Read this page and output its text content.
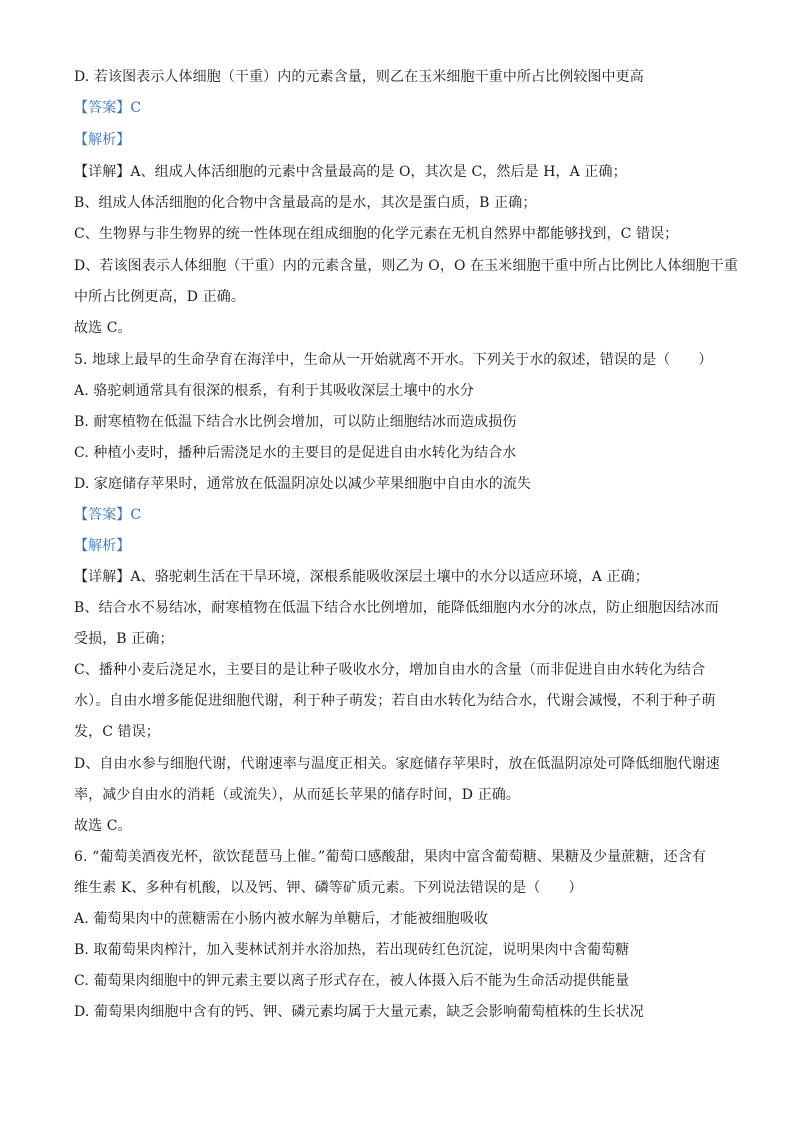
D. 若该图表示人体细胞（干重）内的元素含量，则乙在玉米细胞干重中所占比例较图中更高
【答案】C
【解析】
【详解】A、组成人体活细胞的元素中含量最高的是 O，其次是 C，然后是 H，A 正确；
B、组成人体活细胞的化合物中含量最高的是水，其次是蛋白质，B 正确；
C、生物界与非生物界的统一性体现在组成细胞的化学元素在无机自然界中都能够找到，C 错误；
D、若该图表示人体细胞（干重）内的元素含量，则乙为 O，O 在玉米细胞干重中所占比例比人体细胞干重
中所占比例更高，D 正确。
故选 C。
5. 地球上最早的生命孕育在海洋中，生命从一开始就离不开水。下列关于水的叙述，错误的是（　　）
A. 骆驼刺通常具有很深的根系，有利于其吸收深层土壤中的水分
B. 耐寒植物在低温下结合水比例会增加，可以防止细胞结冰而造成损伤
C. 种植小麦时，播种后需浇足水的主要目的是促进自由水转化为结合水
D. 家庭储存苹果时，通常放在低温阴凉处以减少苹果细胞中自由水的流失
【答案】C
【解析】
【详解】A、骆驼刺生活在干旱环境，深根系能吸收深层土壤中的水分以适应环境，A 正确；
B、结合水不易结冰，耐寒植物在低温下结合水比例增加，能降低细胞内水分的冰点，防止细胞因结冰而
受损，B 正确；
C、播种小麦后浇足水，主要目的是让种子吸收水分，增加自由水的含量（而非促进自由水转化为结合
水）。自由水增多能促进细胞代谢，利于种子萌发；若自由水转化为结合水，代谢会减慢，不利于种子萌
发，C 错误；
D、自由水参与细胞代谢，代谢速率与温度正相关。家庭储存苹果时，放在低温阴凉处可降低细胞代谢速
率，减少自由水的消耗（或流失），从而延长苹果的储存时间，D 正确。
故选 C。
6. “葡萄美酒夜光杯，欲饮琵琶马上催。”葡萄口感酸甜，果肉中富含葡萄糖、果糖及少量蔗糖，还含有
维生素 K、多种有机酸，以及钙、钾、磷等矿质元素。下列说法错误的是（　　）
A. 葡萄果肉中的蔗糖需在小肠内被水解为单糖后，才能被细胞吸收
B. 取葡萄果肉榨汁，加入斐林试剂并水浴加热，若出现砖红色沉淀，说明果肉中含葡萄糖
C. 葡萄果肉细胞中的钾元素主要以离子形式存在，被人体摄入后不能为生命活动提供能量
D. 葡萄果肉细胞中含有的钙、钾、磷元素均属于大量元素，缺乏会影响葡萄植株的生长状况
